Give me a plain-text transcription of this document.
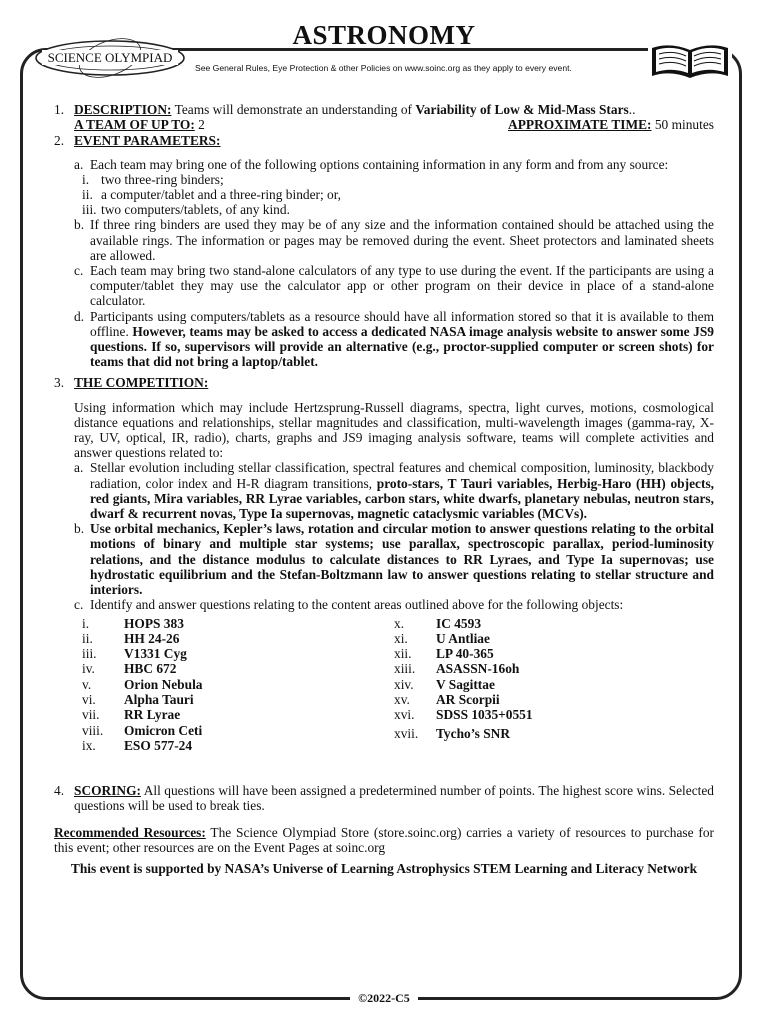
ASTRONOMY
SCIENCE OLYMPIAD
See General Rules, Eye Protection & other Policies on www.soinc.org as they apply to every event.
1. DESCRIPTION: Teams will demonstrate an understanding of Variability of Low & Mid-Mass Stars..

A TEAM OF UP TO: 2	APPROXIMATE TIME: 50 minutes
2. EVENT PARAMETERS:

a. Each team may bring one of the following options containing information in any form and from any source:
i. two three-ring binders;
ii. a computer/tablet and a three-ring binder; or,
iii. two computers/tablets, of any kind.
b. If three ring binders are used they may be of any size and the information contained should be attached using the available rings. The information or pages may be removed during the event. Sheet protectors and laminated sheets are allowed.
c. Each team may bring two stand-alone calculators of any type to use during the event. If the participants are using a computer/tablet they may use the calculator app or other program on their device in place of a stand-alone calculator.
d. Participants using computers/tablets as a resource should have all information stored so that it is available to them offline. However, teams may be asked to access a dedicated NASA image analysis website to answer some JS9 questions. If so, supervisors will provide an alternative (e.g., proctor-supplied computer or screen shots) for teams that did not bring a laptop/tablet.
3. THE COMPETITION:

Using information which may include Hertzsprung-Russell diagrams, spectra, light curves, motions, cosmological distance equations and relationships, stellar magnitudes and classification, multi-wavelength images (gamma-ray, X-ray, UV, optical, IR, radio), charts, graphs and JS9 imaging analysis software, teams will complete activities and answer questions related to:

a. Stellar evolution including stellar classification, spectral features and chemical composition, luminosity, blackbody radiation, color index and H-R diagram transitions, proto-stars, T Tauri variables, Herbig-Haro (HH) objects, red giants, Mira variables, RR Lyrae variables, carbon stars, white dwarfs, planetary nebulas, neutron stars, dwarf & recurrent novas, Type Ia supernovas, magnetic cataclysmic variables (MCVs).
b. Use orbital mechanics, Kepler’s laws, rotation and circular motion to answer questions relating to the orbital motions of binary and multiple star systems; use parallax, spectroscopic parallax, period-luminosity relations, and the distance modulus to calculate distances to RR Lyraes, and Type Ia supernovas; use hydrostatic equilibrium and the Stefan-Boltzmann law to answer questions relating to stellar structure and interiors.
c. Identify and answer questions relating to the content areas outlined above for the following objects:
i.	HOPS 383
ii.	HH 24-26
iii.	V1331 Cyg
iv.	HBC 672
v.	Orion Nebula
vi.	Alpha Tauri
vii.	RR Lyrae
viii.	Omicron Ceti
ix.	ESO 577-24
x.	IC 4593
xi.	U Antliae
xii.	LP 40-365
xiii.	ASASSN-16oh
xiv.	V Sagittae
xv.	AR Scorpii
xvi.	SDSS 1035+0551
xvii.	Tycho’s SNR
4. SCORING: All questions will have been assigned a predetermined number of points. The highest score wins. Selected questions will be used to break ties.

Recommended Resources: The Science Olympiad Store (store.soinc.org) carries a variety of resources to purchase for this event; other resources are on the Event Pages at soinc.org

This event is supported by NASA’s Universe of Learning Astrophysics STEM Learning and Literacy Network

©2022-C5
